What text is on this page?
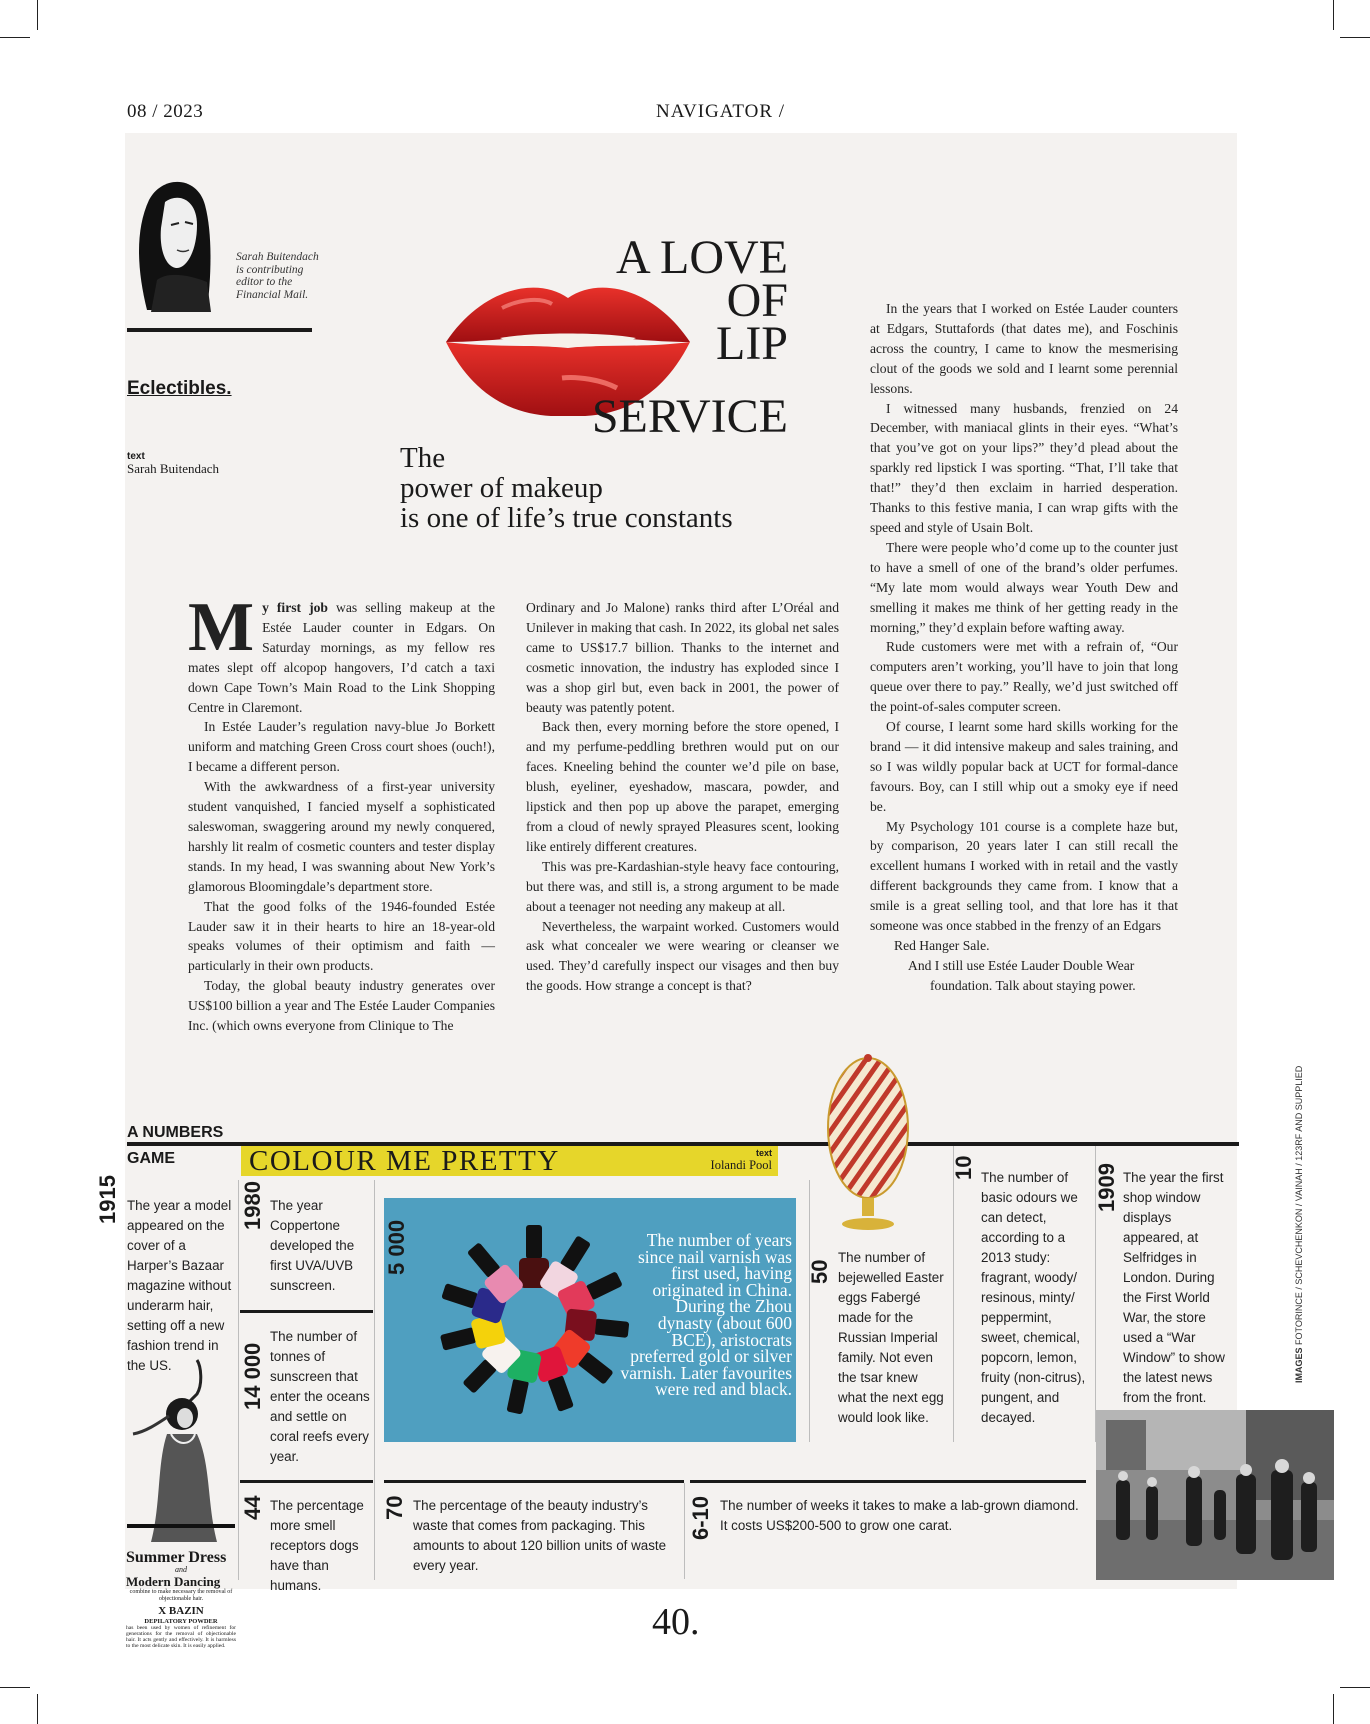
08 / 2023	NAVIGATOR /
Sarah Buitendach is contributing editor to the Financial Mail.
Eclectibles.
text
Sarah Buitendach
A LOVE
OF
LIP
SERVICE
The
power of makeup
is one of life’s true constants

My first job was selling makeup at the Estée Lauder counter in Edgars. On Saturday mornings, as my fellow res mates slept off alcopop hangovers, I’d catch a taxi down Cape Town’s Main Road to the Link Shopping Centre in Claremont.

In Estée Lauder’s regulation navy-blue Jo Borkett uniform and matching Green Cross court shoes (ouch!), I became a different person.

With the awkwardness of a first-year university student vanquished, I fancied myself a sophisticated saleswoman, swaggering around my newly conquered, harshly lit realm of cosmetic counters and tester display stands. In my head, I was swanning about New York’s glamorous Bloomingdale’s department store.

That the good folks of the 1946-founded Estée Lauder saw it in their hearts to hire an 18-year-old speaks volumes of their optimism and faith — particularly in their own products.

Today, the global beauty industry generates over US$100 billion a year and The Estée Lauder Companies Inc. (which owns everyone from Clinique to The

Ordinary and Jo Malone) ranks third after L’Oréal and Unilever in making that cash. In 2022, its global net sales came to US$17.7 billion. Thanks to the internet and cosmetic innovation, the industry has exploded since I was a shop girl but, even back in 2001, the power of beauty was patently potent.

Back then, every morning before the store opened, I and my perfume-peddling brethren would put on our faces. Kneeling behind the counter we’d pile on base, blush, eyeliner, eyeshadow, mascara, powder, and lipstick and then pop up above the parapet, emerging from a cloud of newly sprayed Pleasures scent, looking like entirely different creatures.

This was pre-Kardashian-style heavy face contouring, but there was, and still is, a strong argument to be made about a teenager not needing any makeup at all.

Nevertheless, the warpaint worked. Customers would ask what concealer we were wearing or cleanser we used. They’d carefully inspect our visages and then buy the goods. How strange a concept is that?

In the years that I worked on Estée Lauder counters at Edgars, Stuttafords (that dates me), and Foschinis across the country, I came to know the mesmerising clout of the goods we sold and I learnt some perennial lessons.

I witnessed many husbands, frenzied on 24 December, with maniacal glints in their eyes. “What’s that you’ve got on your lips?” they’d plead about the sparkly red lipstick I was sporting. “That, I’ll take that that!” they’d then exclaim in harried desperation. Thanks to this festive mania, I can wrap gifts with the speed and style of Usain Bolt.

There were people who’d come up to the counter just to have a smell of one of the brand’s older perfumes. “My late mom would always wear Youth Dew and smelling it makes me think of her getting ready in the morning,” they’d explain before wafting away.

Rude customers were met with a refrain of, “Our computers aren’t working, you’ll have to join that long queue over there to pay.” Really, we’d just switched off the point-of-sales computer screen.

Of course, I learnt some hard skills working for the brand — it did intensive makeup and sales training, and so I was wildly popular back at UCT for formal-dance favours. Boy, can I still whip out a smoky eye if need be.

My Psychology 101 course is a complete haze but, by comparison, 20 years later I can still recall the excellent humans I worked with in retail and the vastly different backgrounds they came from. I know that a smile is a great selling tool, and that lore has it that someone was once stabbed in the frenzy of an Edgars

Red Hanger Sale.
And I still use Estée Lauder Double Wear
foundation. Talk about staying power.
IMAGES FOTORINCE / SCHEVCHENKON / VAINAH / 123RF AND SUPPLIED
A NUMBERS
GAME	COLOUR ME PRETTY	text
Iolandi Pool
1915 The year a model appeared on the cover of a Harper’s Bazaar magazine without underarm hair, setting off a new fashion trend in the US.
Summer Dress
and
Modern Dancing
combine to make necessary the removal of objectionable hair.
X BAZIN
DEPILATORY POWDER
has been used by women of refinement for generations for the removal of objectionable hair. It acts gently and effectively. It is harmless to the most delicate skin. It is easily applied.
1980 The year Coppertone developed the first UVA/UVB sunscreen.
14 000
The number of tonnes of sunscreen that enter the oceans and settle on coral reefs every year.
5 000	The number of years since nail varnish was first used, having originated in China. During the Zhou dynasty (about 600 BCE), aristocrats preferred gold or silver varnish. Later favourites were red and black.
50
The number of bejewelled Easter eggs Fabergé made for the Russian Imperial family. Not even the tsar knew what the next egg would look like.
10 The number of basic odours we can detect, according to a 2013 study: fragrant, woody/ resinous, minty/ peppermint, sweet, chemical, popcorn, lemon, fruity (non-citrus), pungent, and decayed.
1909 The year the first shop window displays appeared, at Selfridges in London. During the First World War, the store used a “War Window” to show the latest news from the front.
44 The percentage more smell receptors dogs have than humans.
70 The percentage of the beauty industry’s waste that comes from packaging. This amounts to about 120 billion units of waste every year.
6-10 The number of weeks it takes to make a lab-grown diamond. It costs US$200-500 to grow one carat.
40.
